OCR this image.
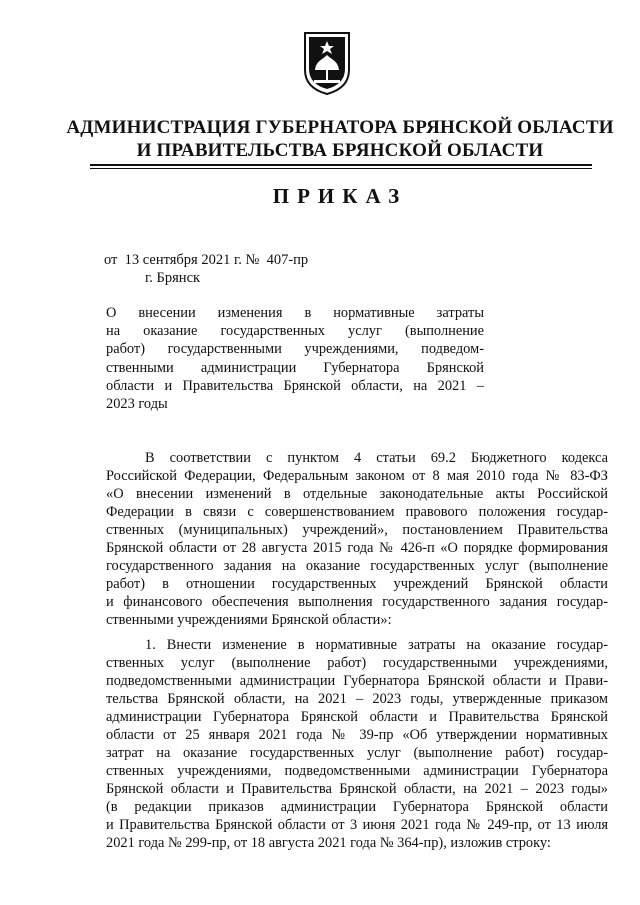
АДМИНИСТРАЦИЯ ГУБЕРНАТОРА БРЯНСКОЙ ОБЛАСТИ
И ПРАВИТЕЛЬСТВА БРЯНСКОЙ ОБЛАСТИ
ПРИКАЗ
от  13 сентября 2021 г. №  407-пр
г. Брянск
О внесении изменения в нормативные затраты
на оказание государственных услуг (выполнение
работ) государственными учреждениями, подведом-
ственными администрации Губернатора Брянской
области и Правительства Брянской области, на 2021 –
2023 годы
В соответствии с пунктом 4 статьи 69.2 Бюджетного кодекса
Российской Федерации, Федеральным законом от 8 мая 2010 года № 83-ФЗ
«О внесении изменений в отдельные законодательные акты Российской
Федерации в связи с совершенствованием правового положения государ-
ственных (муниципальных) учреждений», постановлением Правительства
Брянской области от 28 августа 2015 года № 426-п «О порядке формирования
государственного задания на оказание государственных услуг (выполнение
работ) в отношении государственных учреждений Брянской области
и финансового обеспечения выполнения государственного задания государ-
ственными учреждениями Брянской области»:
1. Внести изменение в нормативные затраты на оказание государ-
ственных услуг (выполнение работ) государственными учреждениями,
подведомственными администрации Губернатора Брянской области и Прави-
тельства Брянской области, на 2021 – 2023 годы, утвержденные приказом
администрации Губернатора Брянской области и Правительства Брянской
области от 25 января 2021 года № 39-пр «Об утверждении нормативных
затрат на оказание государственных услуг (выполнение работ) государ-
ственных учреждениями, подведомственными администрации Губернатора
Брянской области и Правительства Брянской области, на 2021 – 2023 годы»
(в редакции приказов администрации Губернатора Брянской области
и Правительства Брянской области от 3 июня 2021 года № 249-пр, от 13 июля
2021 года № 299-пр, от 18 августа 2021 года № 364-пр), изложив строку:
